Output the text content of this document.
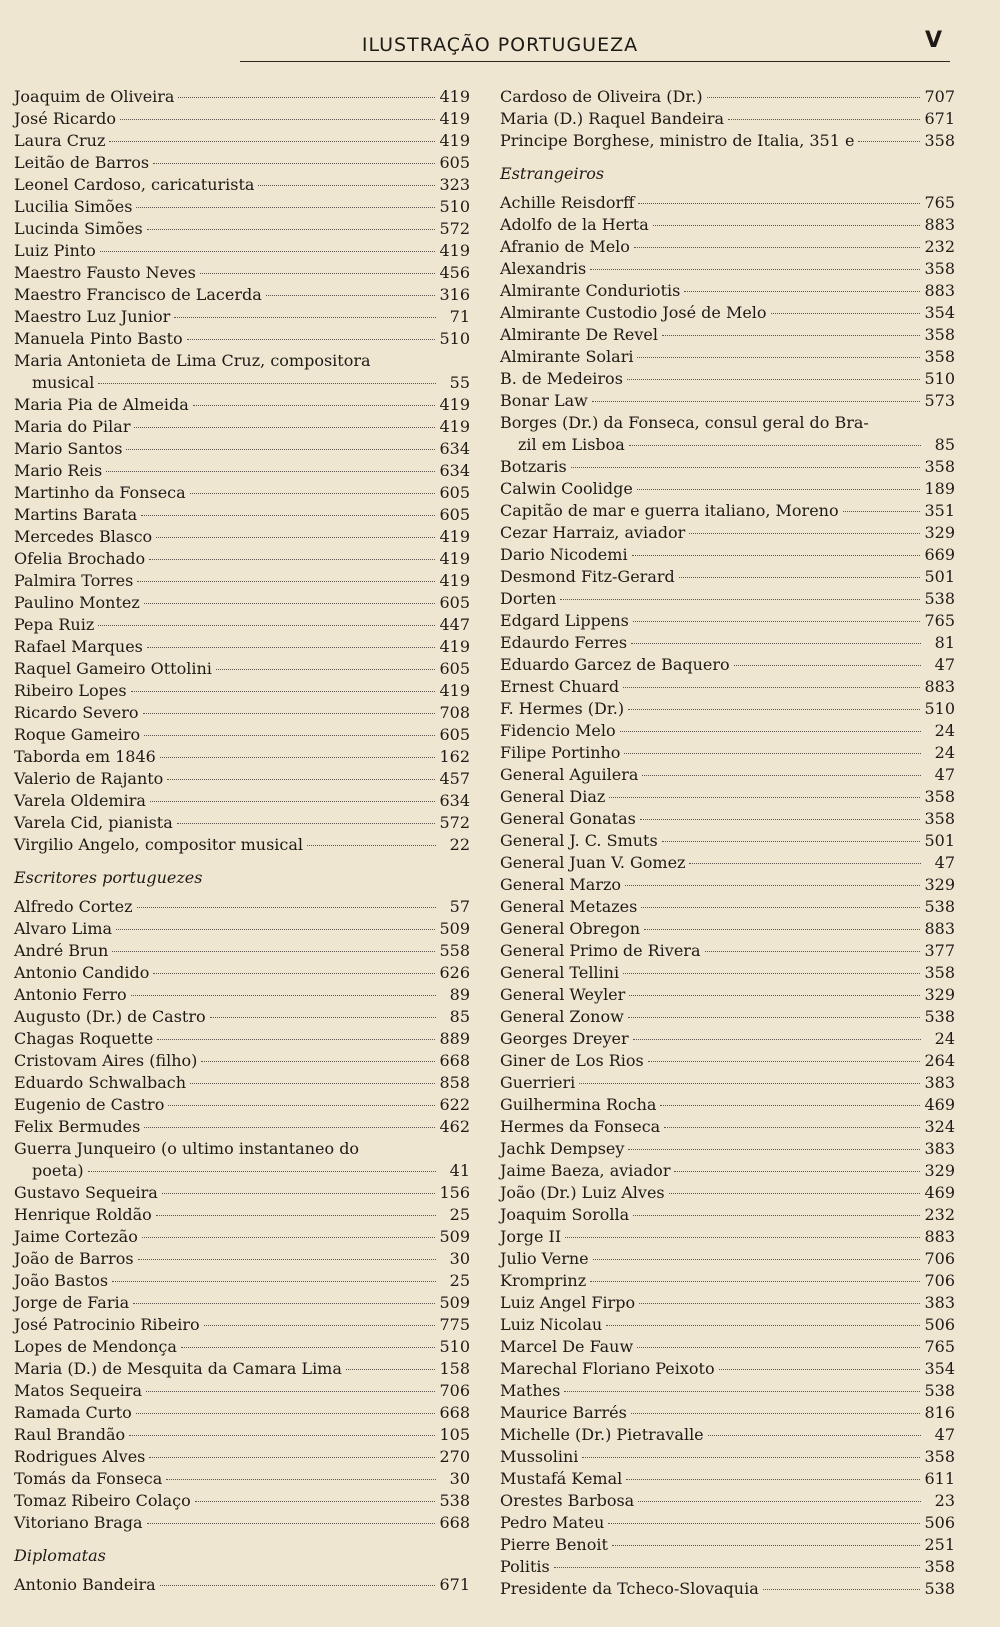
ILUSTRAÇÃO PORTUGUEZA	V
Joaquim de Oliveira	419
José Ricardo	419
Laura Cruz	419
Leitão de Barros	605
Leonel Cardoso, caricaturista	323
Lucilia Simões	510
Lucinda Simões	572
Luiz Pinto	419
Maestro Fausto Neves	456
Maestro Francisco de Lacerda	316
Maestro Luz Junior	71
Manuela Pinto Basto	510
Maria Antonieta de Lima Cruz, compositora
musical	55
Maria Pia de Almeida	419
Maria do Pilar	419
Mario Santos	634
Mario Reis	634
Martinho da Fonseca	605
Martins Barata	605
Mercedes Blasco	419
Ofelia Brochado	419
Palmira Torres	419
Paulino Montez	605
Pepa Ruiz	447
Rafael Marques	419
Raquel Gameiro Ottolini	605
Ribeiro Lopes	419
Ricardo Severo	708
Roque Gameiro	605
Taborda em 1846	162
Valerio de Rajanto	457
Varela Oldemira	634
Varela Cid, pianista	572
Virgilio Angelo, compositor musical	22
Escritores portuguezes
Alfredo Cortez	57
Alvaro Lima	509
André Brun	558
Antonio Candido	626
Antonio Ferro	89
Augusto (Dr.) de Castro	85
Chagas Roquette	889
Cristovam Aires (filho)	668
Eduardo Schwalbach	858
Eugenio de Castro	622
Felix Bermudes	462
Guerra Junqueiro (o ultimo instantaneo do
poeta)	41
Gustavo Sequeira	156
Henrique Roldão	25
Jaime Cortezão	509
João de Barros	30
João Bastos	25
Jorge de Faria	509
José Patrocinio Ribeiro	775
Lopes de Mendonça	510
Maria (D.) de Mesquita da Camara Lima	158
Matos Sequeira	706
Ramada Curto	668
Raul Brandão	105
Rodrigues Alves	270
Tomás da Fonseca	30
Tomaz Ribeiro Colaço	538
Vitoriano Braga	668
Diplomatas
Antonio Bandeira	671
Cardoso de Oliveira (Dr.)	707
Maria (D.) Raquel Bandeira	671
Principe Borghese, ministro de Italia, 351 e	358
Estrangeiros
Achille Reisdorff	765
Adolfo de la Herta	883
Afranio de Melo	232
Alexandris	358
Almirante Conduriotis	883
Almirante Custodio José de Melo	354
Almirante De Revel	358
Almirante Solari	358
B. de Medeiros	510
Bonar Law	573
Borges (Dr.) da Fonseca, consul geral do Bra-
zil em Lisboa	85
Botzaris	358
Calwin Coolidge	189
Capitão de mar e guerra italiano, Moreno	351
Cezar Harraiz, aviador	329
Dario Nicodemi	669
Desmond Fitz-Gerard	501
Dorten	538
Edgard Lippens	765
Edaurdo Ferres	81
Eduardo Garcez de Baquero	47
Ernest Chuard	883
F. Hermes (Dr.)	510
Fidencio Melo	24
Filipe Portinho	24
General Aguilera	47
General Diaz	358
General Gonatas	358
General J. C. Smuts	501
General Juan V. Gomez	47
General Marzo	329
General Metazes	538
General Obregon	883
General Primo de Rivera	377
General Tellini	358
General Weyler	329
General Zonow	538
Georges Dreyer	24
Giner de Los Rios	264
Guerrieri	383
Guilhermina Rocha	469
Hermes da Fonseca	324
Jachk Dempsey	383
Jaime Baeza, aviador	329
João (Dr.) Luiz Alves	469
Joaquim Sorolla	232
Jorge II	883
Julio Verne	706
Kromprinz	706
Luiz Angel Firpo	383
Luiz Nicolau	506
Marcel De Fauw	765
Marechal Floriano Peixoto	354
Mathes	538
Maurice Barrés	816
Michelle (Dr.) Pietravalle	47
Mussolini	358
Mustafá Kemal	611
Orestes Barbosa	23
Pedro Mateu	506
Pierre Benoit	251
Politis	358
Presidente da Tcheco-Slovaquia	538
